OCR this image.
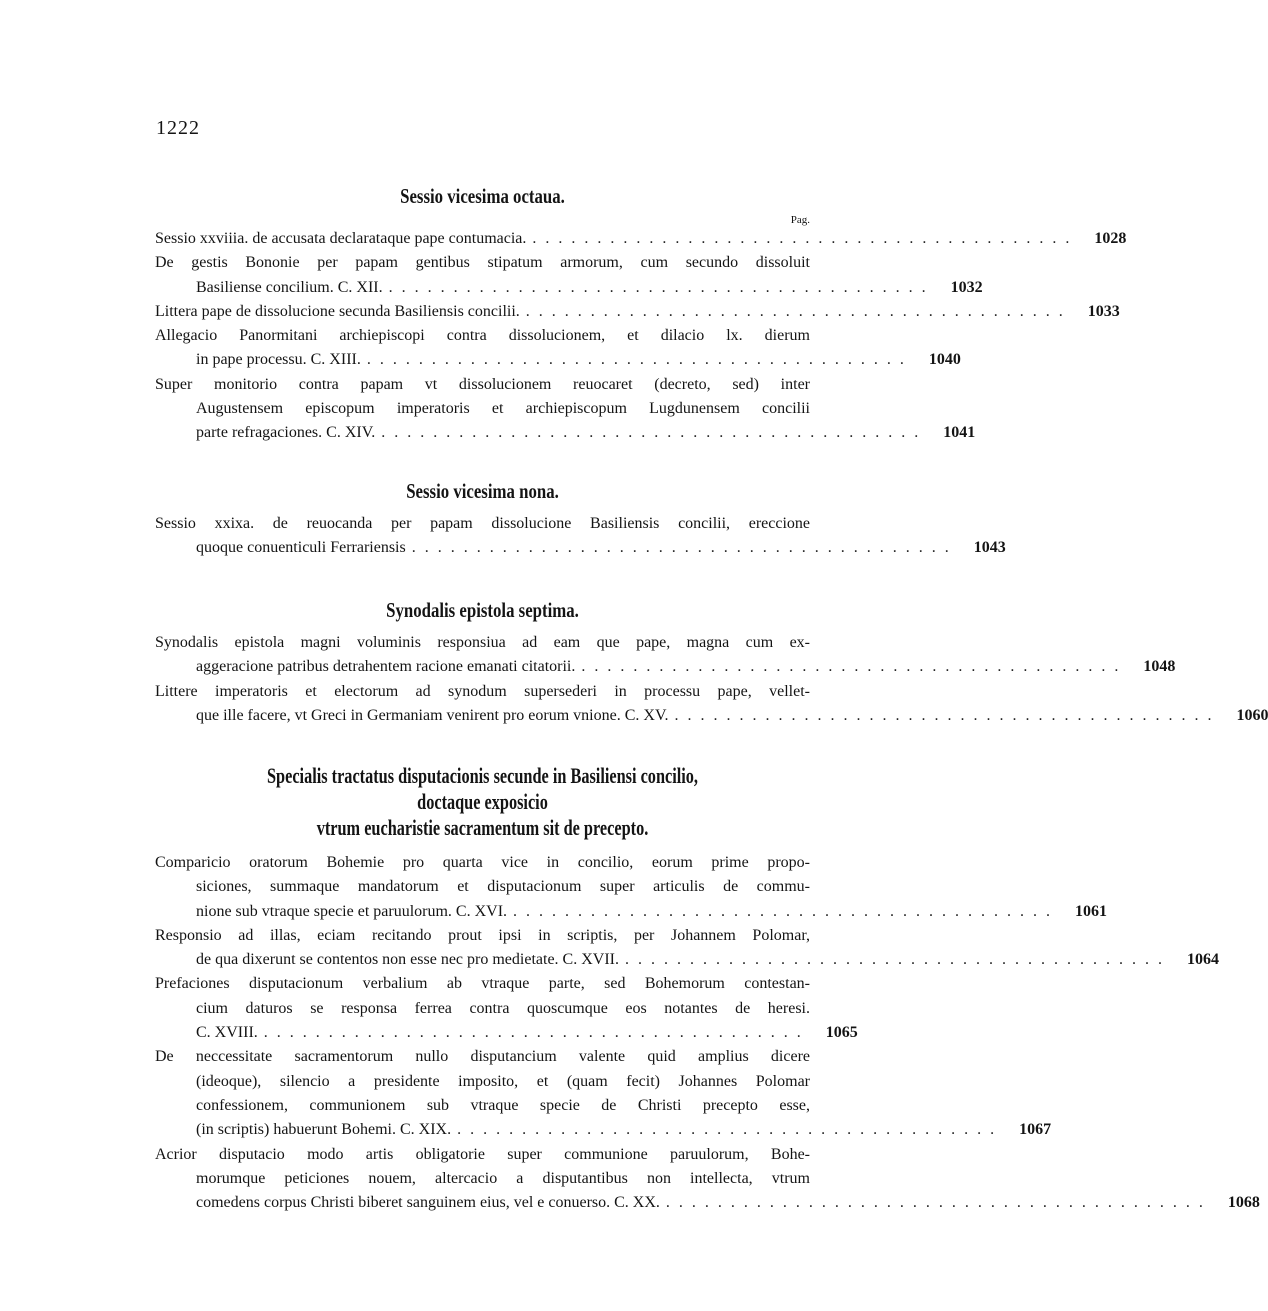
1222
Sessio vicesima octaua.
Pag.
Sessio xxviiia. de accusata declarataque pape contumacia. ..........................................	1028
De gestis Bononie per papam gentibus stipatum armorum, cum secundo dissoluit
Basiliense concilium. C. XII. ..........................................	1032
Littera pape de dissolucione secunda Basiliensis concilii. ..........................................	1033
Allegacio Panormitani archiepiscopi contra dissolucionem, et dilacio lx. dierum
in pape processu. C. XIII. ..........................................	1040
Super monitorio contra papam vt dissolucionem reuocaret (decreto, sed) inter
Augustensem episcopum imperatoris et archiepiscopum Lugdunensem concilii
parte refragaciones. C. XIV. ..........................................	1041
Sessio vicesima nona.
Sessio xxixa. de reuocanda per papam dissolucione Basiliensis concilii, ereccione
quoque conuenticuli Ferrariensis ..........................................	1043
Synodalis epistola septima.
Synodalis epistola magni voluminis responsiua ad eam que pape, magna cum ex-
aggeracione patribus detrahentem racione emanati citatorii. ..........................................	1048
Littere imperatoris et electorum ad synodum supersederi in processu pape, vellet-
que ille facere, vt Greci in Germaniam venirent pro eorum vnione. C. XV. ..........................................	1060
Specialis tractatus disputacionis secunde in Basiliensi concilio, doctaque exposicio
vtrum eucharistie sacramentum sit de precepto.
Comparicio oratorum Bohemie pro quarta vice in concilio, eorum prime propo-
siciones, summaque mandatorum et disputacionum super articulis de commu-
nione sub vtraque specie et paruulorum. C. XVI. ..........................................	1061
Responsio ad illas, eciam recitando prout ipsi in scriptis, per Johannem Polomar,
de qua dixerunt se contentos non esse nec pro medietate. C. XVII. ..........................................	1064
Prefaciones disputacionum verbalium ab vtraque parte, sed Bohemorum contestan-
cium daturos se responsa ferrea contra quoscumque eos notantes de heresi.
C. XVIII. ..........................................	1065
De neccessitate sacramentorum nullo disputancium valente quid amplius dicere
(ideoque), silencio a presidente imposito, et (quam fecit) Johannes Polomar
confessionem, communionem sub vtraque specie de Christi precepto esse,
(in scriptis) habuerunt Bohemi. C. XIX. ..........................................	1067
Acrior disputacio modo artis obligatorie super communione paruulorum, Bohe-
morumque peticiones nouem, altercacio a disputantibus non intellecta, vtrum
comedens corpus Christi biberet sanguinem eius, vel e conuerso. C. XX. ..........................................	1068
